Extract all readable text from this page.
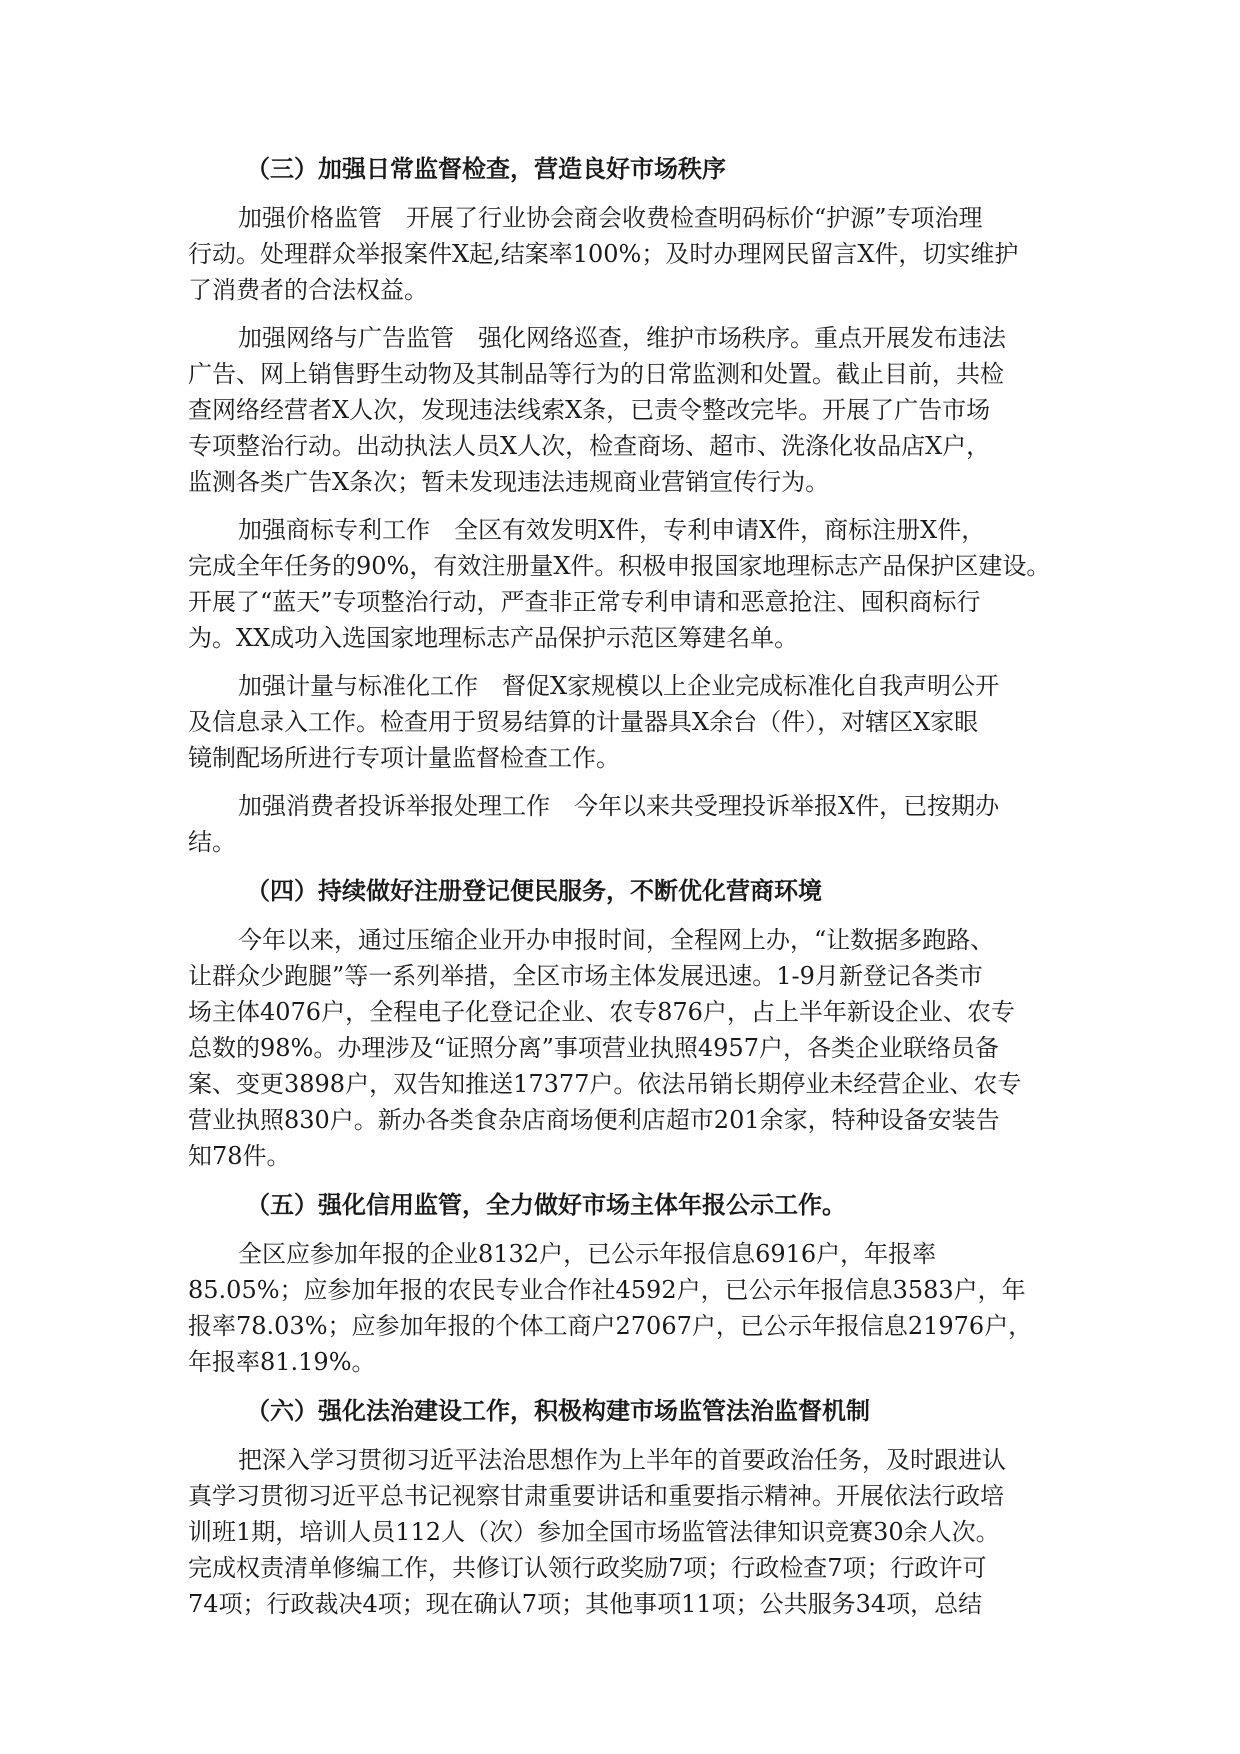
（三）加强日常监督检查，营造良好市场秩序
加强价格监管 开展了行业协会商会收费检查明码标价“护源”专项治理
行动。处理群众举报案件X起,结案率100%；及时办理网民留言X件，切实维护
了消费者的合法权益。
加强网络与广告监管 强化网络巡查，维护市场秩序。重点开展发布违法
广告、网上销售野生动物及其制品等行为的日常监测和处置。截止目前，共检
查网络经营者X人次，发现违法线索X条，已责令整改完毕。开展了广告市场
专项整治行动。出动执法人员X人次，检查商场、超市、洗涤化妆品店X户，
监测各类广告X条次；暂未发现违法违规商业营销宣传行为。
加强商标专利工作 全区有效发明X件，专利申请X件，商标注册X件，
完成全年任务的90%，有效注册量X件。积极申报国家地理标志产品保护区建设。
开展了“蓝天”专项整治行动，严查非正常专利申请和恶意抢注、囤积商标行
为。XX成功入选国家地理标志产品保护示范区筹建名单。
加强计量与标准化工作 督促X家规模以上企业完成标准化自我声明公开
及信息录入工作。检查用于贸易结算的计量器具X余台（件），对辖区X家眼
镜制配场所进行专项计量监督检查工作。
加强消费者投诉举报处理工作 今年以来共受理投诉举报X件，已按期办
结。
（四）持续做好注册登记便民服务，不断优化营商环境
今年以来，通过压缩企业开办申报时间，全程网上办，“让数据多跑路、
让群众少跑腿”等一系列举措，全区市场主体发展迅速。1-9月新登记各类市
场主体4076户，全程电子化登记企业、农专876户，占上半年新设企业、农专
总数的98%。办理涉及“证照分离”事项营业执照4957户，各类企业联络员备
案、变更3898户，双告知推送17377户。依法吊销长期停业未经营企业、农专
营业执照830户。新办各类食杂店商场便利店超市201余家，特种设备安装告
知78件。
（五）强化信用监管，全力做好市场主体年报公示工作。
全区应参加年报的企业8132户，已公示年报信息6916户，年报率
85.05%；应参加年报的农民专业合作社4592户，已公示年报信息3583户，年
报率78.03%；应参加年报的个体工商户27067户，已公示年报信息21976户，
年报率81.19%。
（六）强化法治建设工作，积极构建市场监管法治监督机制
把深入学习贯彻习近平法治思想作为上半年的首要政治任务，及时跟进认
真学习贯彻习近平总书记视察甘肃重要讲话和重要指示精神。开展依法行政培
训班1期，培训人员112人（次）参加全国市场监管法律知识竞赛30余人次。
完成权责清单修编工作，共修订认领行政奖励7项；行政检查7项；行政许可
74项；行政裁决4项；现在确认7项；其他事项11项；公共服务34项，总结
